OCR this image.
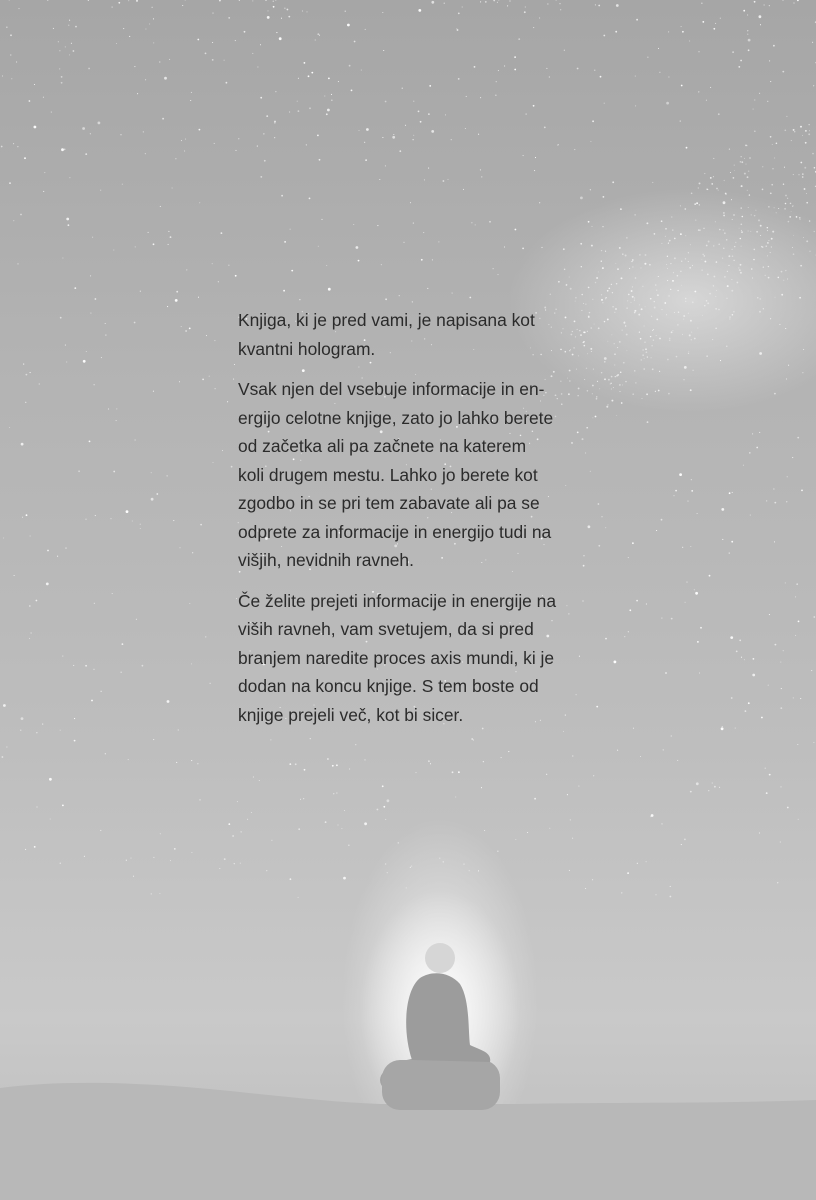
Knjiga, ki je pred vami, je napisana kot
kvantni hologram.

Vsak njen del vsebuje informacije in en-
ergijo celotne knjige, zato jo lahko berete
od začetka ali pa začnete na katerem
koli drugem mestu. Lahko jo berete kot
zgodbo in se pri tem zabavate ali pa se
odprete za informacije in energijo tudi na
višjih, nevidnih ravneh.

Če želite prejeti informacije in energije na
viših ravneh, vam svetujem, da si pred
branjem naredite proces axis mundi, ki je
dodan na koncu knjige. S tem boste od
knjige prejeli več, kot bi sicer.
